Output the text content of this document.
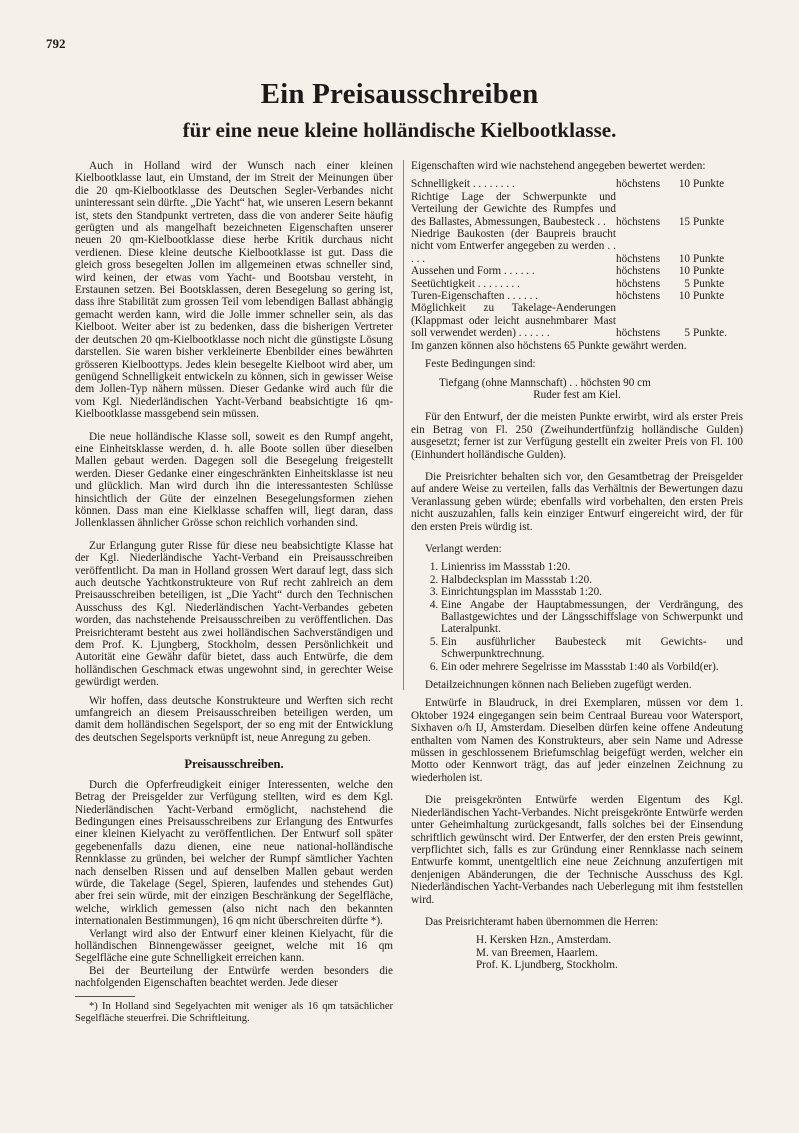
792
Ein Preisausschreiben
für eine neue kleine holländische Kielbootklasse.

Auch in Holland wird der Wunsch nach einer kleinen Kielbootklasse laut, ein Umstand, der im Streit der Meinungen über die 20 qm-Kielbootklasse des Deutschen Segler-Verbandes nicht uninteressant sein dürfte. „Die Yacht“ hat, wie unseren Lesern bekannt ist, stets den Standpunkt vertreten, dass die von anderer Seite häufig gerügten und als mangelhaft bezeichneten Eigenschaften unserer neuen 20 qm-Kielbootklasse diese herbe Kritik durchaus nicht verdienen. Diese kleine deutsche Kielbootklasse ist gut. Dass die gleich gross besegelten Jollen im allgemeinen etwas schneller sind, wird keinen, der etwas vom Yacht- und Bootsbau versteht, in Erstaunen setzen. Bei Bootsklassen, deren Besegelung so gering ist, dass ihre Stabilität zum grossen Teil vom lebendigen Ballast abhängig gemacht werden kann, wird die Jolle immer schneller sein, als das Kielboot. Weiter aber ist zu bedenken, dass die bisherigen Vertreter der deutschen 20 qm-Kielbootklasse noch nicht die günstigste Lösung darstellen. Sie waren bisher verkleinerte Ebenbilder eines bewährten grösseren Kielboottyps. Jedes klein besegelte Kielboot wird aber, um genügend Schnelligkeit entwickeln zu können, sich in gewisser Weise dem Jollen-Typ nähern müssen. Dieser Gedanke wird auch für die vom Kgl. Niederländischen Yacht-Verband beabsichtigte 16 qm-Kielbootklasse massgebend sein müssen.

Die neue holländische Klasse soll, soweit es den Rumpf angeht, eine Einheitsklasse werden, d. h. alle Boote sollen über dieselben Mallen gebaut werden. Dagegen soll die Besegelung freigestellt werden. Dieser Gedanke einer eingeschränkten Einheitsklasse ist neu und glücklich. Man wird durch ihn die interessantesten Schlüsse hinsichtlich der Güte der einzelnen Besegelungsformen ziehen können. Dass man eine Kielklasse schaffen will, liegt daran, dass Jollenklassen ähnlicher Grösse schon reichlich vorhanden sind.

Zur Erlangung guter Risse für diese neu beabsichtigte Klasse hat der Kgl. Niederländische Yacht-Verband ein Preisausschreiben veröffentlicht. Da man in Holland grossen Wert darauf legt, dass sich auch deutsche Yachtkonstrukteure von Ruf recht zahlreich an dem Preisausschreiben beteiligen, ist „Die Yacht“ durch den Technischen Ausschuss des Kgl. Niederländischen Yacht-Verbandes gebeten worden, das nachstehende Preisausschreiben zu veröffentlichen. Das Preisrichteramt besteht aus zwei holländischen Sachverständigen und dem Prof. K. Ljungberg, Stockholm, dessen Persönlichkeit und Autorität eine Gewähr dafür bietet, dass auch Entwürfe, die dem holländischen Geschmack etwas ungewohnt sind, in gerechter Weise gewürdigt werden.

Wir hoffen, dass deutsche Konstrukteure und Werften sich recht umfangreich an diesem Preisausschreiben beteiligen werden, um damit dem holländischen Segelsport, der so eng mit der Entwicklung des deutschen Segelsports verknüpft ist, neue Anregung zu geben.

Preisausschreiben.

Durch die Opferfreudigkeit einiger Interessenten, welche den Betrag der Preisgelder zur Verfügung stellten, wird es dem Kgl. Niederländischen Yacht-Verband ermöglicht, nachstehend die Bedingungen eines Preisausschreibens zur Erlangung des Entwurfes einer kleinen Kielyacht zu veröffentlichen. Der Entwurf soll später gegebenenfalls dazu dienen, eine neue national-holländische Rennklasse zu gründen, bei welcher der Rumpf sämtlicher Yachten nach denselben Rissen und auf denselben Mallen gebaut werden würde, die Takelage (Segel, Spieren, laufendes und stehendes Gut) aber frei sein würde, mit der einzigen Beschränkung der Segelfläche, welche, wirklich gemessen (also nicht nach den bekannten internationalen Bestimmungen), 16 qm nicht überschreiten dürfte *).

Verlangt wird also der Entwurf einer kleinen Kielyacht, für die holländischen Binnengewässer geeignet, welche mit 16 qm Segelfläche eine gute Schnelligkeit erreichen kann.

Bei der Beurteilung der Entwürfe werden besonders die nachfolgenden Eigenschaften beachtet werden. Jede dieser

*) In Holland sind Segelyachten mit weniger als 16 qm tatsächlicher Segelfläche steuerfrei. Die Schriftleitung.

Eigenschaften wird wie nachstehend angegeben bewertet werden:

Schnelligkeit . . . . . . . .	höchstens	10	Punkte
Richtige Lage der Schwerpunkte und Verteilung der Gewichte des Rumpfes und des Ballastes, Abmessungen, Baubesteck . .	höchstens	15	Punkte
Niedrige Baukosten (der Baupreis braucht nicht vom Entwerfer angegeben zu werden . . . . .	höchstens	10	Punkte
Aussehen und Form . . . . . .	höchstens	10	Punkte
Seetüchtigkeit . . . . . . . .	höchstens	5	Punkte
Turen-Eigenschaften . . . . . .	höchstens	10	Punkte
Möglichkeit zu Takelage-Aenderungen (Klappmast oder leicht ausnehmbarer Mast soll verwendet werden) . . . . . .	höchstens	5	Punkte.

Im ganzen können also höchstens 65 Punkte gewährt werden.

Feste Bedingungen sind:

Tiefgang (ohne Mannschaft) . . höchsten 90 cm

Ruder fest am Kiel.

Für den Entwurf, der die meisten Punkte erwirbt, wird als erster Preis ein Betrag von Fl. 250 (Zweihundertfünfzig holländische Gulden) ausgesetzt; ferner ist zur Verfügung gestellt ein zweiter Preis von Fl. 100 (Einhundert holländische Gulden).

Die Preisrichter behalten sich vor, den Gesamtbetrag der Preisgelder auf andere Weise zu verteilen, falls das Verhältnis der Bewertungen dazu Veranlassung geben würde; ebenfalls wird vorbehalten, den ersten Preis nicht auszuzahlen, falls kein einziger Entwurf eingereicht wird, der für den ersten Preis würdig ist.

Verlangt werden:

1. Linienriss im Massstab 1:20.
2. Halbdecksplan im Massstab 1:20.
3. Einrichtungsplan im Massstab 1:20.
4. Eine Angabe der Hauptabmessungen, der Verdrängung, des Ballastgewichtes und der Längsschiffslage von Schwerpunkt und Lateralpunkt.
5. Ein ausführlicher Baubesteck mit Gewichts- und Schwerpunktrechnung.
6. Ein oder mehrere Segelrisse im Massstab 1:40 als Vorbild(er).

Detailzeichnungen können nach Belieben zugefügt werden.

Entwürfe in Blaudruck, in drei Exemplaren, müssen vor dem 1. Oktober 1924 eingegangen sein beim Centraal Bureau voor Watersport, Sixhaven o/h IJ, Amsterdam. Dieselben dürfen keine offene Andeutung enthalten vom Namen des Konstrukteurs, aber sein Name und Adresse müssen in geschlossenem Briefumschlag beigefügt werden, welcher ein Motto oder Kennwort trägt, das auf jeder einzelnen Zeichnung zu wiederholen ist.

Die preisgekrönten Entwürfe werden Eigentum des Kgl. Niederländischen Yacht-Verbandes. Nicht preisgekrönte Entwürfe werden unter Geheimhaltung zurückgesandt, falls solches bei der Einsendung schriftlich gewünscht wird. Der Entwerfer, der den ersten Preis gewinnt, verpflichtet sich, falls es zur Gründung einer Rennklasse nach seinem Entwurfe kommt, unentgeltlich eine neue Zeichnung anzufertigen mit denjenigen Abänderungen, die der Technische Ausschuss des Kgl. Niederländischen Yacht-Verbandes nach Ueberlegung mit ihm feststellen wird.

Das Preisrichteramt haben übernommen die Herren:

H. Kersken Hzn., Amsterdam.

M. van Breemen, Haarlem.

Prof. K. Ljundberg, Stockholm.
